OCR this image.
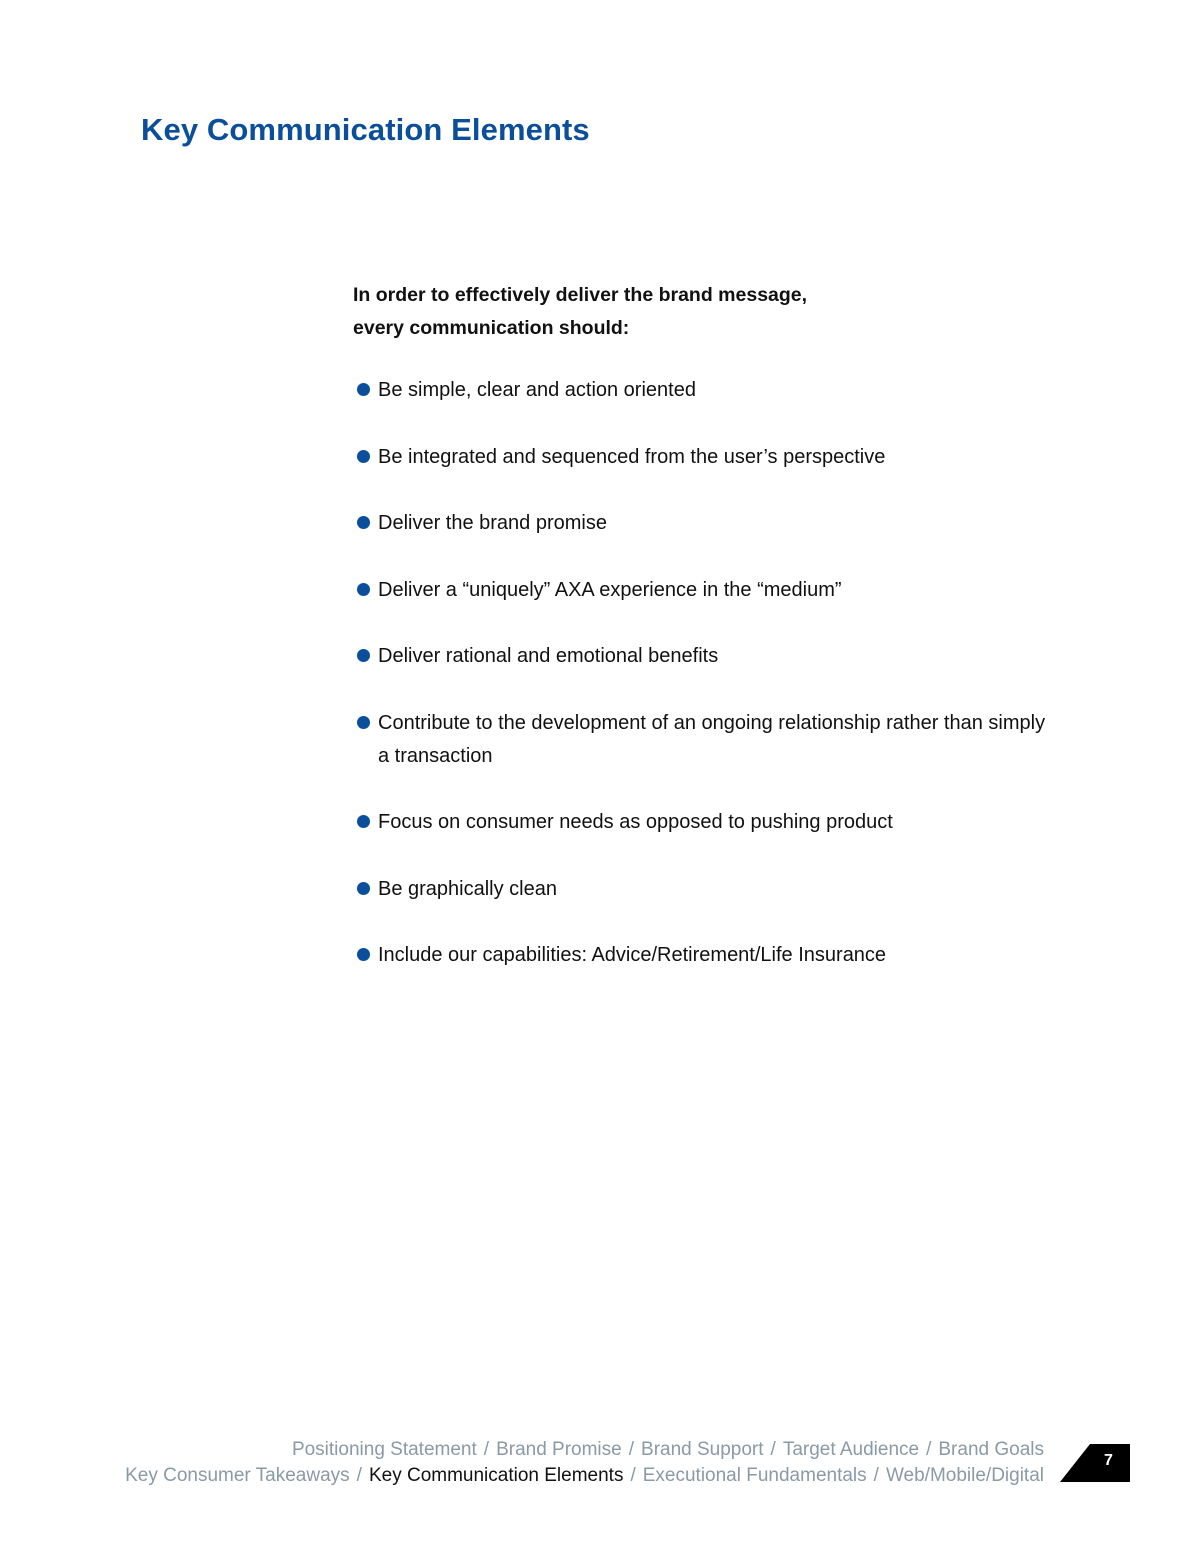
Key Communication Elements
In order to effectively deliver the brand message,
every communication should:
Be simple, clear and action oriented
Be integrated and sequenced from the user’s perspective
Deliver the brand promise
Deliver a “uniquely” AXA experience in the “medium”
Deliver rational and emotional benefits
Contribute to the development of an ongoing relationship rather than simply a transaction
Focus on consumer needs as opposed to pushing product
Be graphically clean
Include our capabilities: Advice/Retirement/Life Insurance
Positioning Statement / Brand Promise / Brand Support / Target Audience / Brand Goals
Key Consumer Takeaways / Key Communication Elements / Executional Fundamentals / Web/Mobile/Digital
7
